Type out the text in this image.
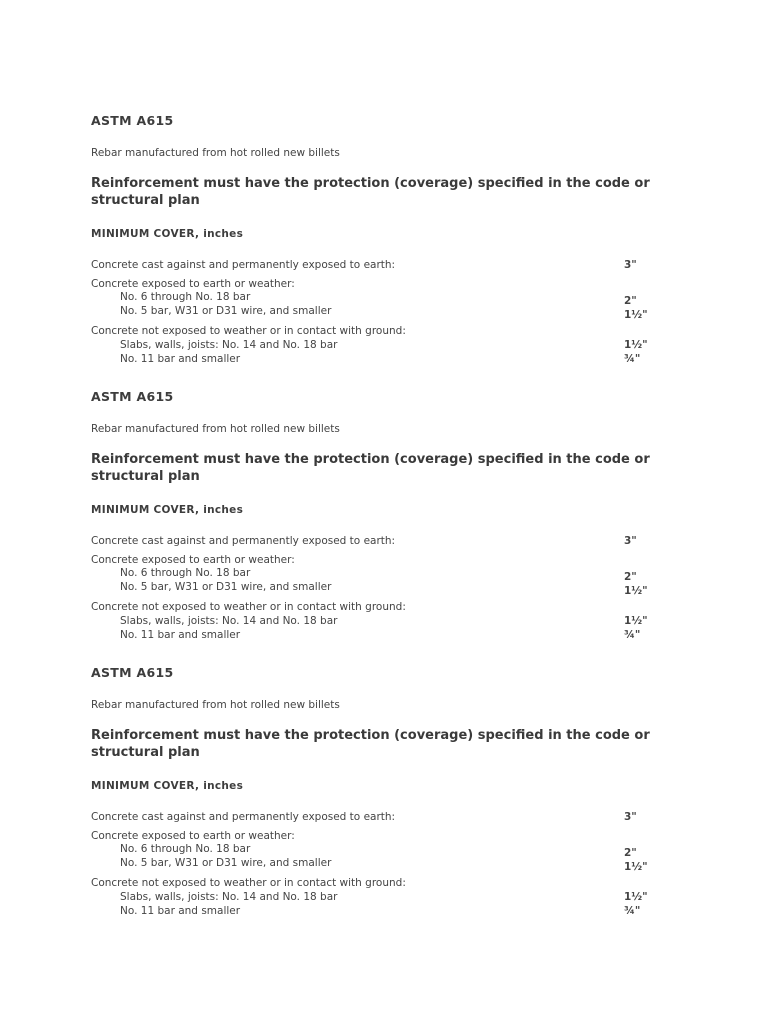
ASTM A615

Rebar manufactured from hot rolled new billets

Reinforcement must have the protection (coverage) specified in the code or structural plan
MINIMUM COVER, inches
Concrete cast against and permanently exposed to earth:	3"
Concrete exposed to earth or weather:
No. 6 through No. 18 bar	2"
No. 5 bar, W31 or D31 wire, and smaller	1½"
Concrete not exposed to weather or in contact with ground:
Slabs, walls, joists: No. 14 and No. 18 bar	1½"
No. 11 bar and smaller	¾"
ASTM A615

Rebar manufactured from hot rolled new billets

Reinforcement must have the protection (coverage) specified in the code or structural plan
MINIMUM COVER, inches
Concrete cast against and permanently exposed to earth:	3"
Concrete exposed to earth or weather:
No. 6 through No. 18 bar	2"
No. 5 bar, W31 or D31 wire, and smaller	1½"
Concrete not exposed to weather or in contact with ground:
Slabs, walls, joists: No. 14 and No. 18 bar	1½"
No. 11 bar and smaller	¾"
ASTM A615

Rebar manufactured from hot rolled new billets

Reinforcement must have the protection (coverage) specified in the code or structural plan
MINIMUM COVER, inches
Concrete cast against and permanently exposed to earth:	3"
Concrete exposed to earth or weather:
No. 6 through No. 18 bar	2"
No. 5 bar, W31 or D31 wire, and smaller	1½"
Concrete not exposed to weather or in contact with ground:
Slabs, walls, joists: No. 14 and No. 18 bar	1½"
No. 11 bar and smaller	¾"
